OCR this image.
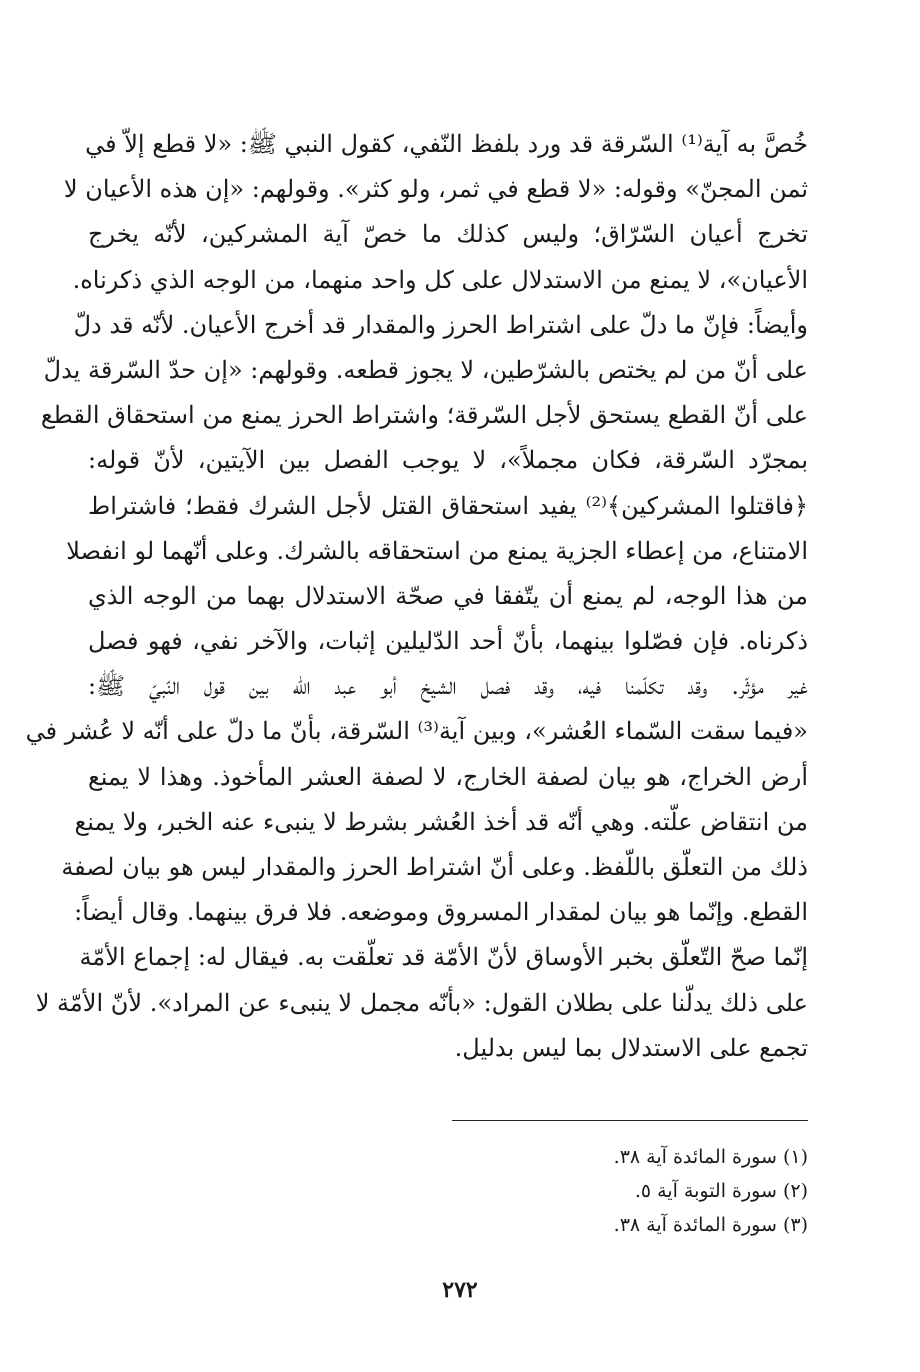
خُصَّ به آية⁽¹⁾ السّرقة قد ورد بلفظ النّفي، كقول النبي ﷺ: «لا قطع إلاّ في
ثمن المجنّ» وقوله: «لا قطع في ثمر، ولو كثر». وقولهم: «إن هذه الأعيان لا
تخرج أعيان السّرّاق؛ وليس كذلك ما خصّ آية المشركين، لأنّه يخرج
الأعيان»، لا يمنع من الاستدلال على كل واحد منهما، من الوجه الذي ذكرناه.
وأيضاً: فإنّ ما دلّ على اشتراط الحرز والمقدار قد أخرج الأعيان. لأنّه قد دلّ
على أنّ من لم يختص بالشرّطين، لا يجوز قطعه. وقولهم: «إن حدّ السّرقة يدلّ
على أنّ القطع يستحق لأجل السّرقة؛ واشتراط الحرز يمنع من استحقاق القطع
بمجرّد السّرقة، فكان مجملاً»، لا يوجب الفصل بين الآيتين، لأنّ قوله:
﴿فاقتلوا المشركين﴾⁽²⁾ يفيد استحقاق القتل لأجل الشرك فقط؛ فاشتراط
الامتناع، من إعطاء الجزية يمنع من استحقاقه بالشرك. وعلى أنّهما لو انفصلا
من هذا الوجه، لم يمنع أن يتّفقا في صحّة الاستدلال بهما من الوجه الذي
ذكرناه. فإن فصّلوا بينهما، بأنّ أحد الدّليلين إثبات، والآخر نفي، فهو فصل
غير مؤثّر. وقد تكلّمنا فيه، وقد فصل الشيخ أبو عبد الله بين قول النّبيّ ﷺ:
«فيما سقت السّماء العُشر»، وبين آية⁽³⁾ السّرقة، بأنّ ما دلّ على أنّه لا عُشر في
أرض الخراج، هو بيان لصفة الخارج، لا لصفة العشر المأخوذ. وهذا لا يمنع
من انتقاض علّته. وهي أنّه قد أخذ العُشر بشرط لا ينبىء عنه الخبر، ولا يمنع
ذلك من التعلّق باللّفظ. وعلى أنّ اشتراط الحرز والمقدار ليس هو بيان لصفة
القطع. وإنّما هو بيان لمقدار المسروق وموضعه. فلا فرق بينهما. وقال أيضاً:
إنّما صحّ التّعلّق بخبر الأوساق لأنّ الأمّة قد تعلّقت به. فيقال له: إجماع الأمّة
على ذلك يدلّنا على بطلان القول: «بأنّه مجمل لا ينبىء عن المراد». لأنّ الأمّة لا
تجمع على الاستدلال بما ليس بدليل.
(١) سورة المائدة آية ٣٨.
(٢) سورة التوبة آية ٥.
(٣) سورة المائدة آية ٣٨.
٢٧٢
